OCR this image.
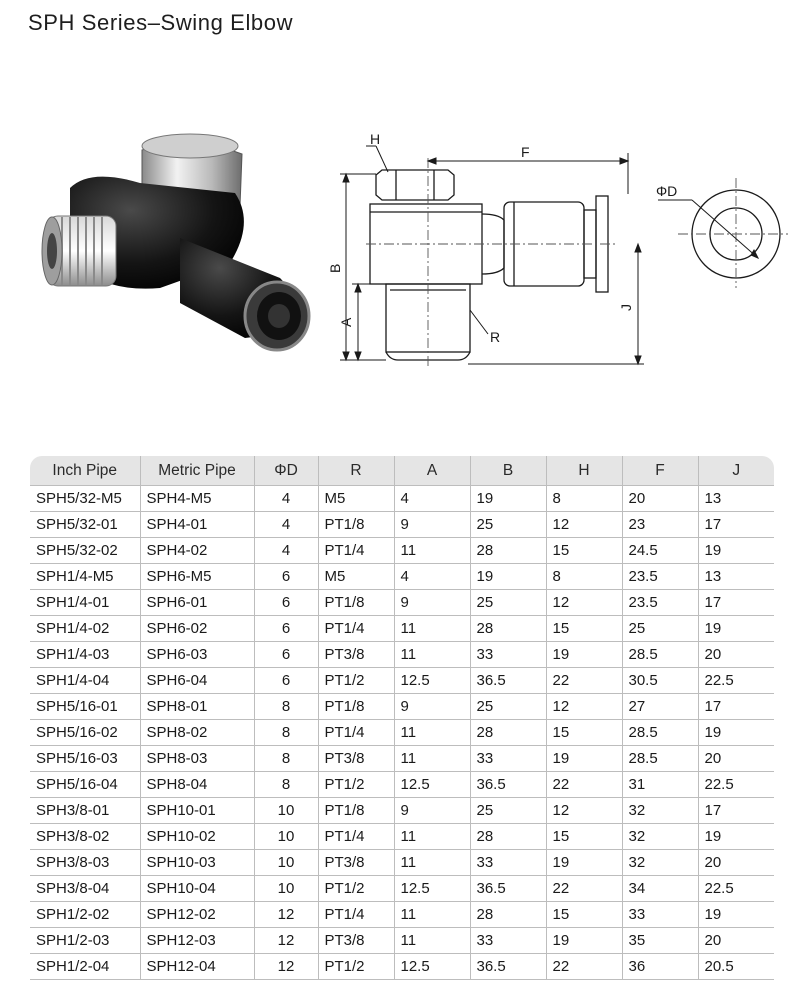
SPH Series–Swing Elbow
H
F
B
A
R
J
ΦD
Inch Pipe	Metric Pipe	ΦD	R	A	B	H	F	J
SPH5/32-M5	SPH4-M5	4	M5	4	19	8	20	13
SPH5/32-01	SPH4-01	4	PT1/8	9	25	12	23	17
SPH5/32-02	SPH4-02	4	PT1/4	11	28	15	24.5	19
SPH1/4-M5	SPH6-M5	6	M5	4	19	8	23.5	13
SPH1/4-01	SPH6-01	6	PT1/8	9	25	12	23.5	17
SPH1/4-02	SPH6-02	6	PT1/4	11	28	15	25	19
SPH1/4-03	SPH6-03	6	PT3/8	11	33	19	28.5	20
SPH1/4-04	SPH6-04	6	PT1/2	12.5	36.5	22	30.5	22.5
SPH5/16-01	SPH8-01	8	PT1/8	9	25	12	27	17
SPH5/16-02	SPH8-02	8	PT1/4	11	28	15	28.5	19
SPH5/16-03	SPH8-03	8	PT3/8	11	33	19	28.5	20
SPH5/16-04	SPH8-04	8	PT1/2	12.5	36.5	22	31	22.5
SPH3/8-01	SPH10-01	10	PT1/8	9	25	12	32	17
SPH3/8-02	SPH10-02	10	PT1/4	11	28	15	32	19
SPH3/8-03	SPH10-03	10	PT3/8	11	33	19	32	20
SPH3/8-04	SPH10-04	10	PT1/2	12.5	36.5	22	34	22.5
SPH1/2-02	SPH12-02	12	PT1/4	11	28	15	33	19
SPH1/2-03	SPH12-03	12	PT3/8	11	33	19	35	20
SPH1/2-04	SPH12-04	12	PT1/2	12.5	36.5	22	36	20.5
